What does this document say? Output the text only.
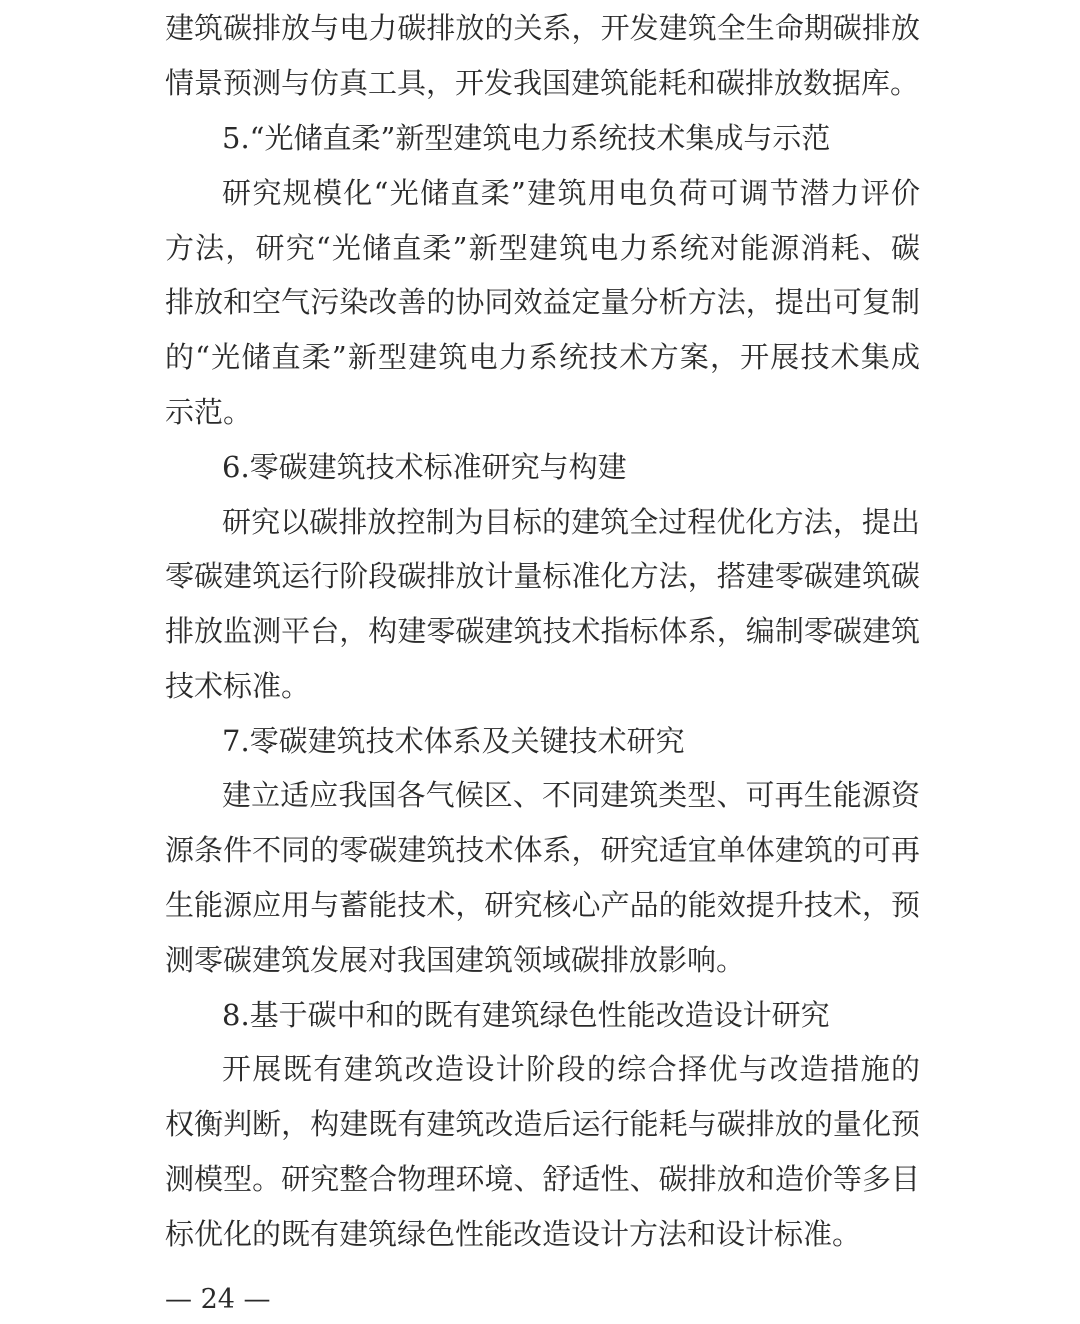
建筑碳排放与电力碳排放的关系，开发建筑全生命期碳排放
情景预测与仿真工具，开发我国建筑能耗和碳排放数据库。
5.“光储直柔”新型建筑电力系统技术集成与示范
研究规模化“光储直柔”建筑用电负荷可调节潜力评价
方法，研究“光储直柔”新型建筑电力系统对能源消耗、碳
排放和空气污染改善的协同效益定量分析方法，提出可复制
的“光储直柔”新型建筑电力系统技术方案，开展技术集成
示范。
6.零碳建筑技术标准研究与构建
研究以碳排放控制为目标的建筑全过程优化方法，提出
零碳建筑运行阶段碳排放计量标准化方法，搭建零碳建筑碳
排放监测平台，构建零碳建筑技术指标体系，编制零碳建筑
技术标准。
7.零碳建筑技术体系及关键技术研究
建立适应我国各气候区、不同建筑类型、可再生能源资
源条件不同的零碳建筑技术体系，研究适宜单体建筑的可再
生能源应用与蓄能技术，研究核心产品的能效提升技术，预
测零碳建筑发展对我国建筑领域碳排放影响。
8.基于碳中和的既有建筑绿色性能改造设计研究
开展既有建筑改造设计阶段的综合择优与改造措施的
权衡判断，构建既有建筑改造后运行能耗与碳排放的量化预
测模型。研究整合物理环境、舒适性、碳排放和造价等多目
标优化的既有建筑绿色性能改造设计方法和设计标准。
— 24 —
